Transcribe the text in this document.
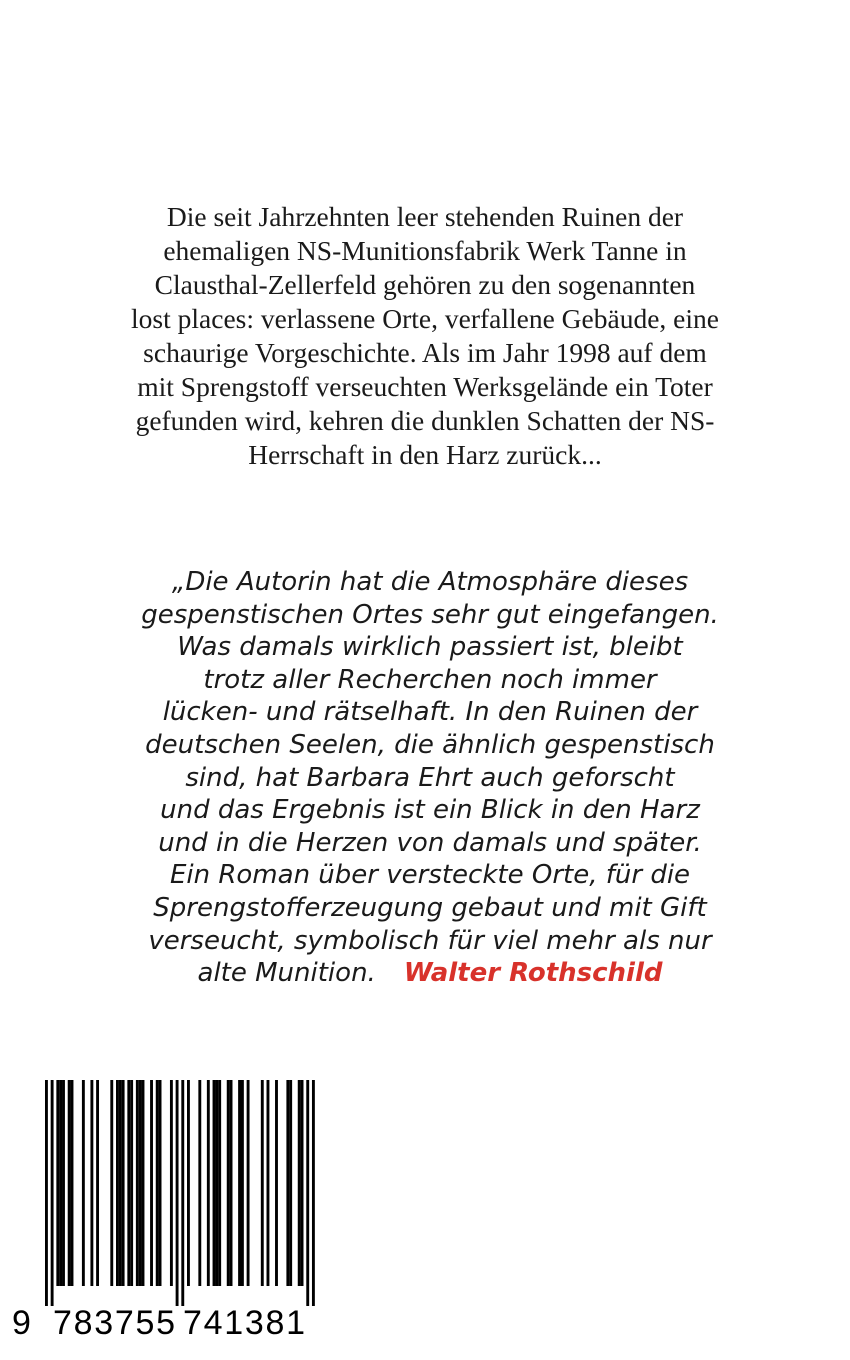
Die seit Jahrzehnten leer stehenden Ruinen der
ehemaligen NS-Munitionsfabrik Werk Tanne in
Clausthal-Zellerfeld gehören zu den sogenannten
lost places: verlassene Orte, verfallene Gebäude, eine
schaurige Vorgeschichte. Als im Jahr 1998 auf dem
mit Sprengstoff verseuchten Werksgelände ein Toter
gefunden wird, kehren die dunklen Schatten der NS-
Herrschaft in den Harz zurück...
„Die Autorin hat die Atmosphäre dieses
gespenstischen Ortes sehr gut eingefangen.
Was damals wirklich passiert ist, bleibt
trotz aller Recherchen noch immer
lücken- und rätselhaft. In den Ruinen der
deutschen Seelen, die ähnlich gespenstisch
sind, hat Barbara Ehrt auch geforscht
und das Ergebnis ist ein Blick in den Harz
und in die Herzen von damals und später.
Ein Roman über versteckte Orte, für die
Sprengstofferzeugung gebaut und mit Gift
verseucht, symbolisch für viel mehr als nur
alte Munition. Walter Rothschild
9 783755 741381
